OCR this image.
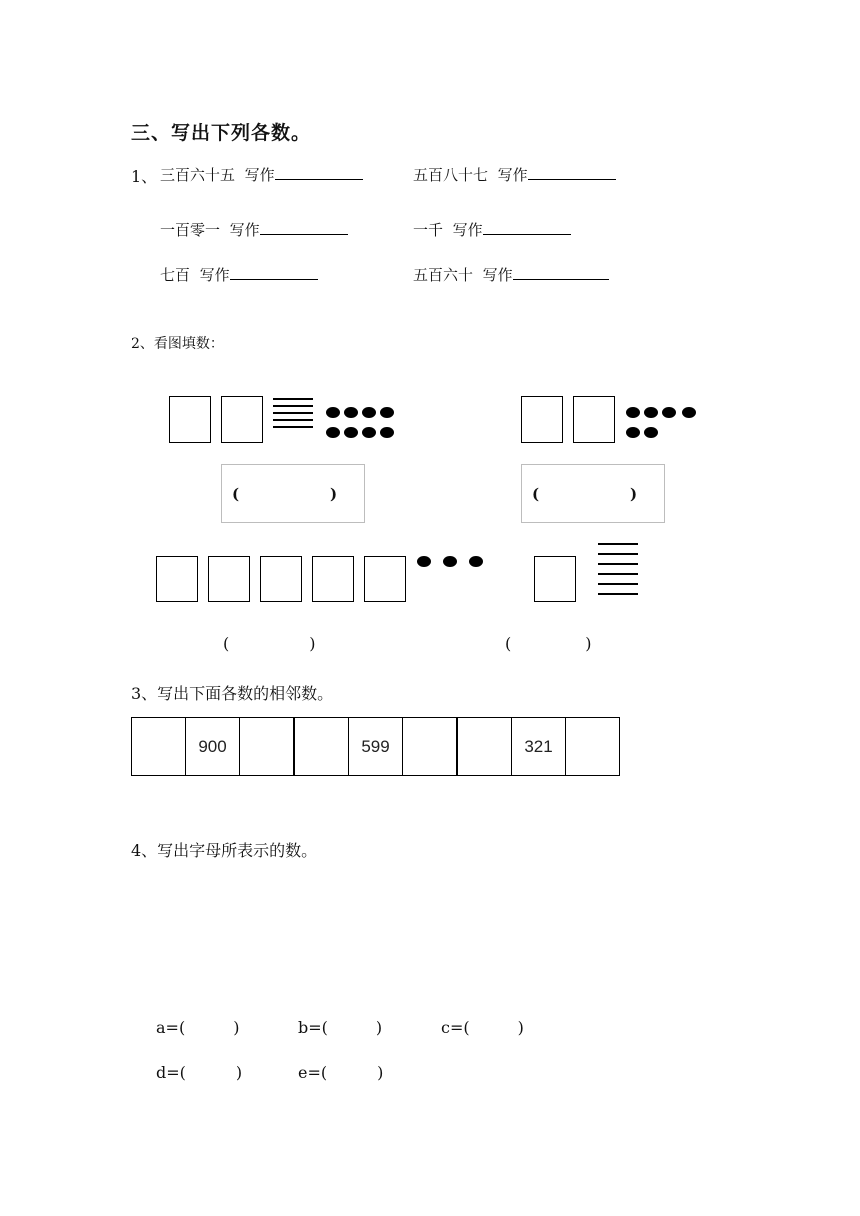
三、写出下列各数。
1、 三百六十五 写作	五百八十七 写作
一百零一 写作	一千 写作
七百 写作	五百六十 写作
2、看图填数：
(	)	(	)
(	)	(	)
3、写出下面各数的相邻数。
	900			599			321	
4、写出字母所表示的数。
a=(	)	b=(	)	c=(	)
d=(	)	e=(	)
